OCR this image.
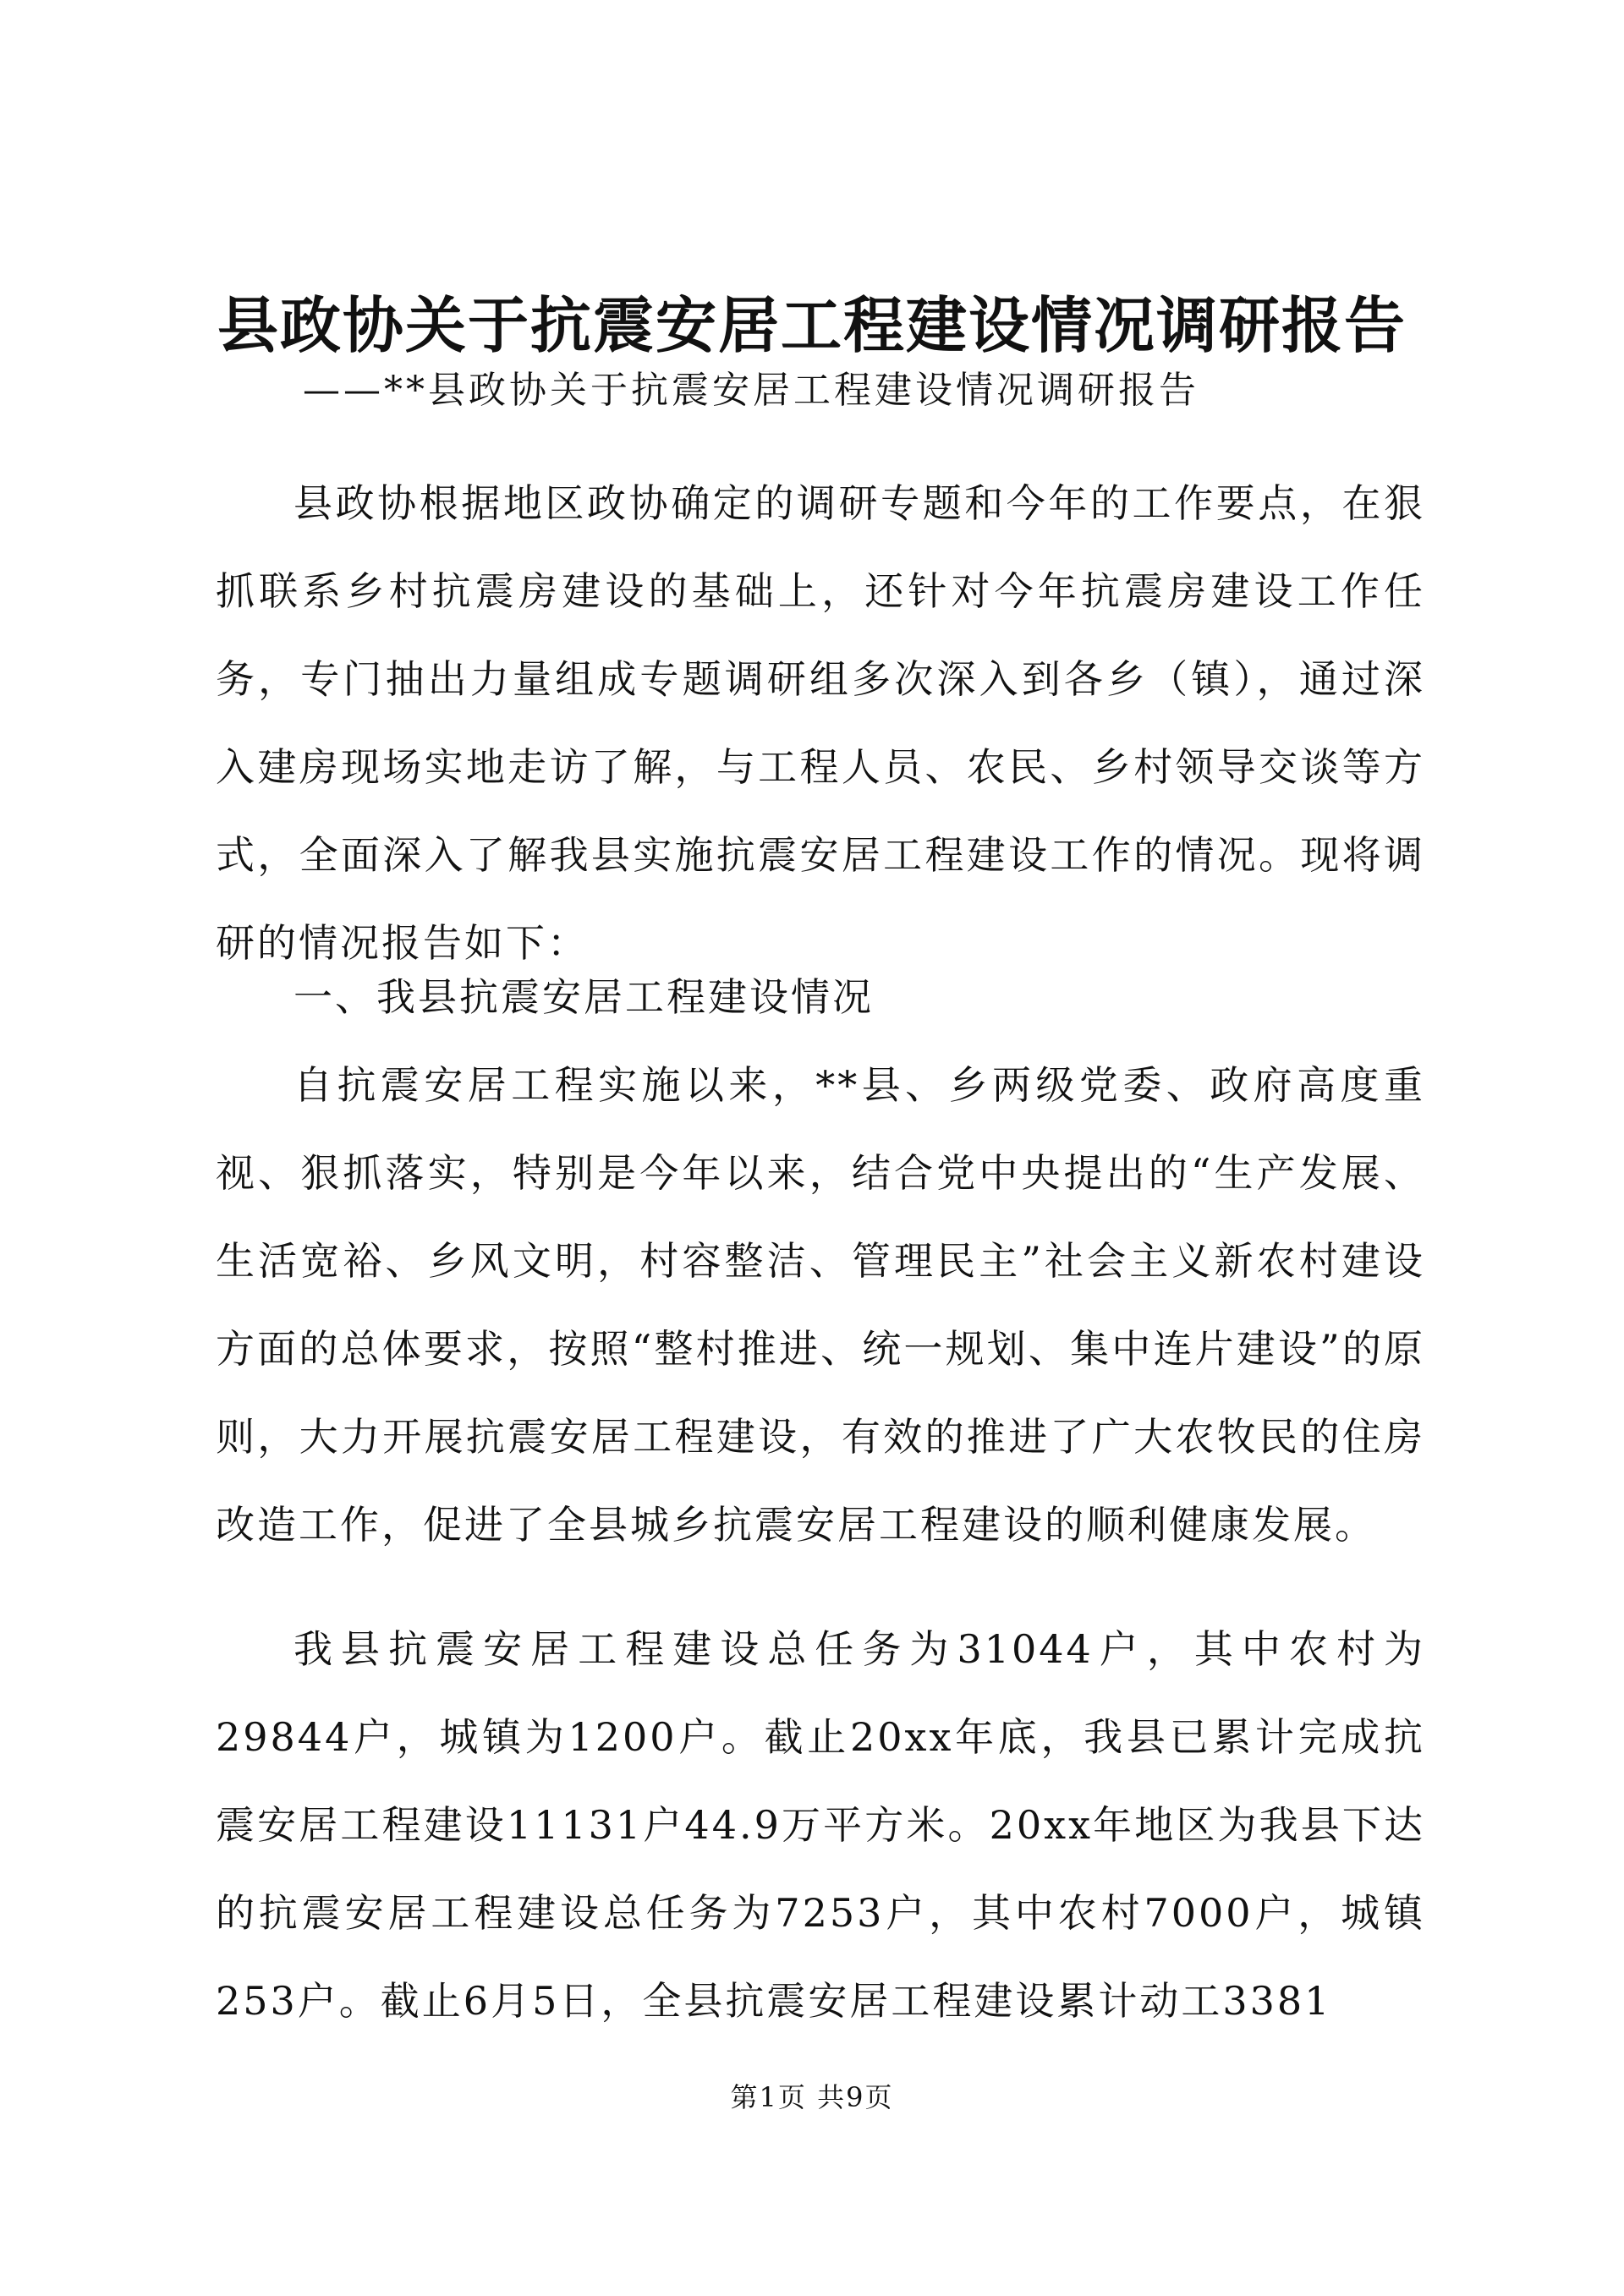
县政协关于抗震安居工程建设情况调研报告
——**县政协关于抗震安居工程建设情况调研报告

县政协根据地区政协确定的调研专题和今年的工作要点，在狠抓联系乡村抗震房建设的基础上，还针对今年抗震房建设工作任务，专门抽出力量组成专题调研组多次深入到各乡（镇），通过深入建房现场实地走访了解，与工程人员、农民、乡村领导交谈等方式，全面深入了解我县实施抗震安居工程建设工作的情况。现将调研的情况报告如下：

一、我县抗震安居工程建设情况

自抗震安居工程实施以来，**县、乡两级党委、政府高度重视、狠抓落实，特别是今年以来，结合党中央提出的“生产发展、生活宽裕、乡风文明，村容整洁、管理民主”社会主义新农村建设方面的总体要求，按照“整村推进、统一规划、集中连片建设”的原则，大力开展抗震安居工程建设，有效的推进了广大农牧民的住房改造工作，促进了全县城乡抗震安居工程建设的顺利健康发展。

我县抗震安居工程建设总任务为31044户，其中农村为29844户，城镇为1200户。截止20xx年底，我县已累计完成抗震安居工程建设11131户44.9万平方米。20xx年地区为我县下达的抗震安居工程建设总任务为7253户，其中农村7000户，城镇253户。截止6月5日，全县抗震安居工程建设累计动工3381

第1页 共9页
